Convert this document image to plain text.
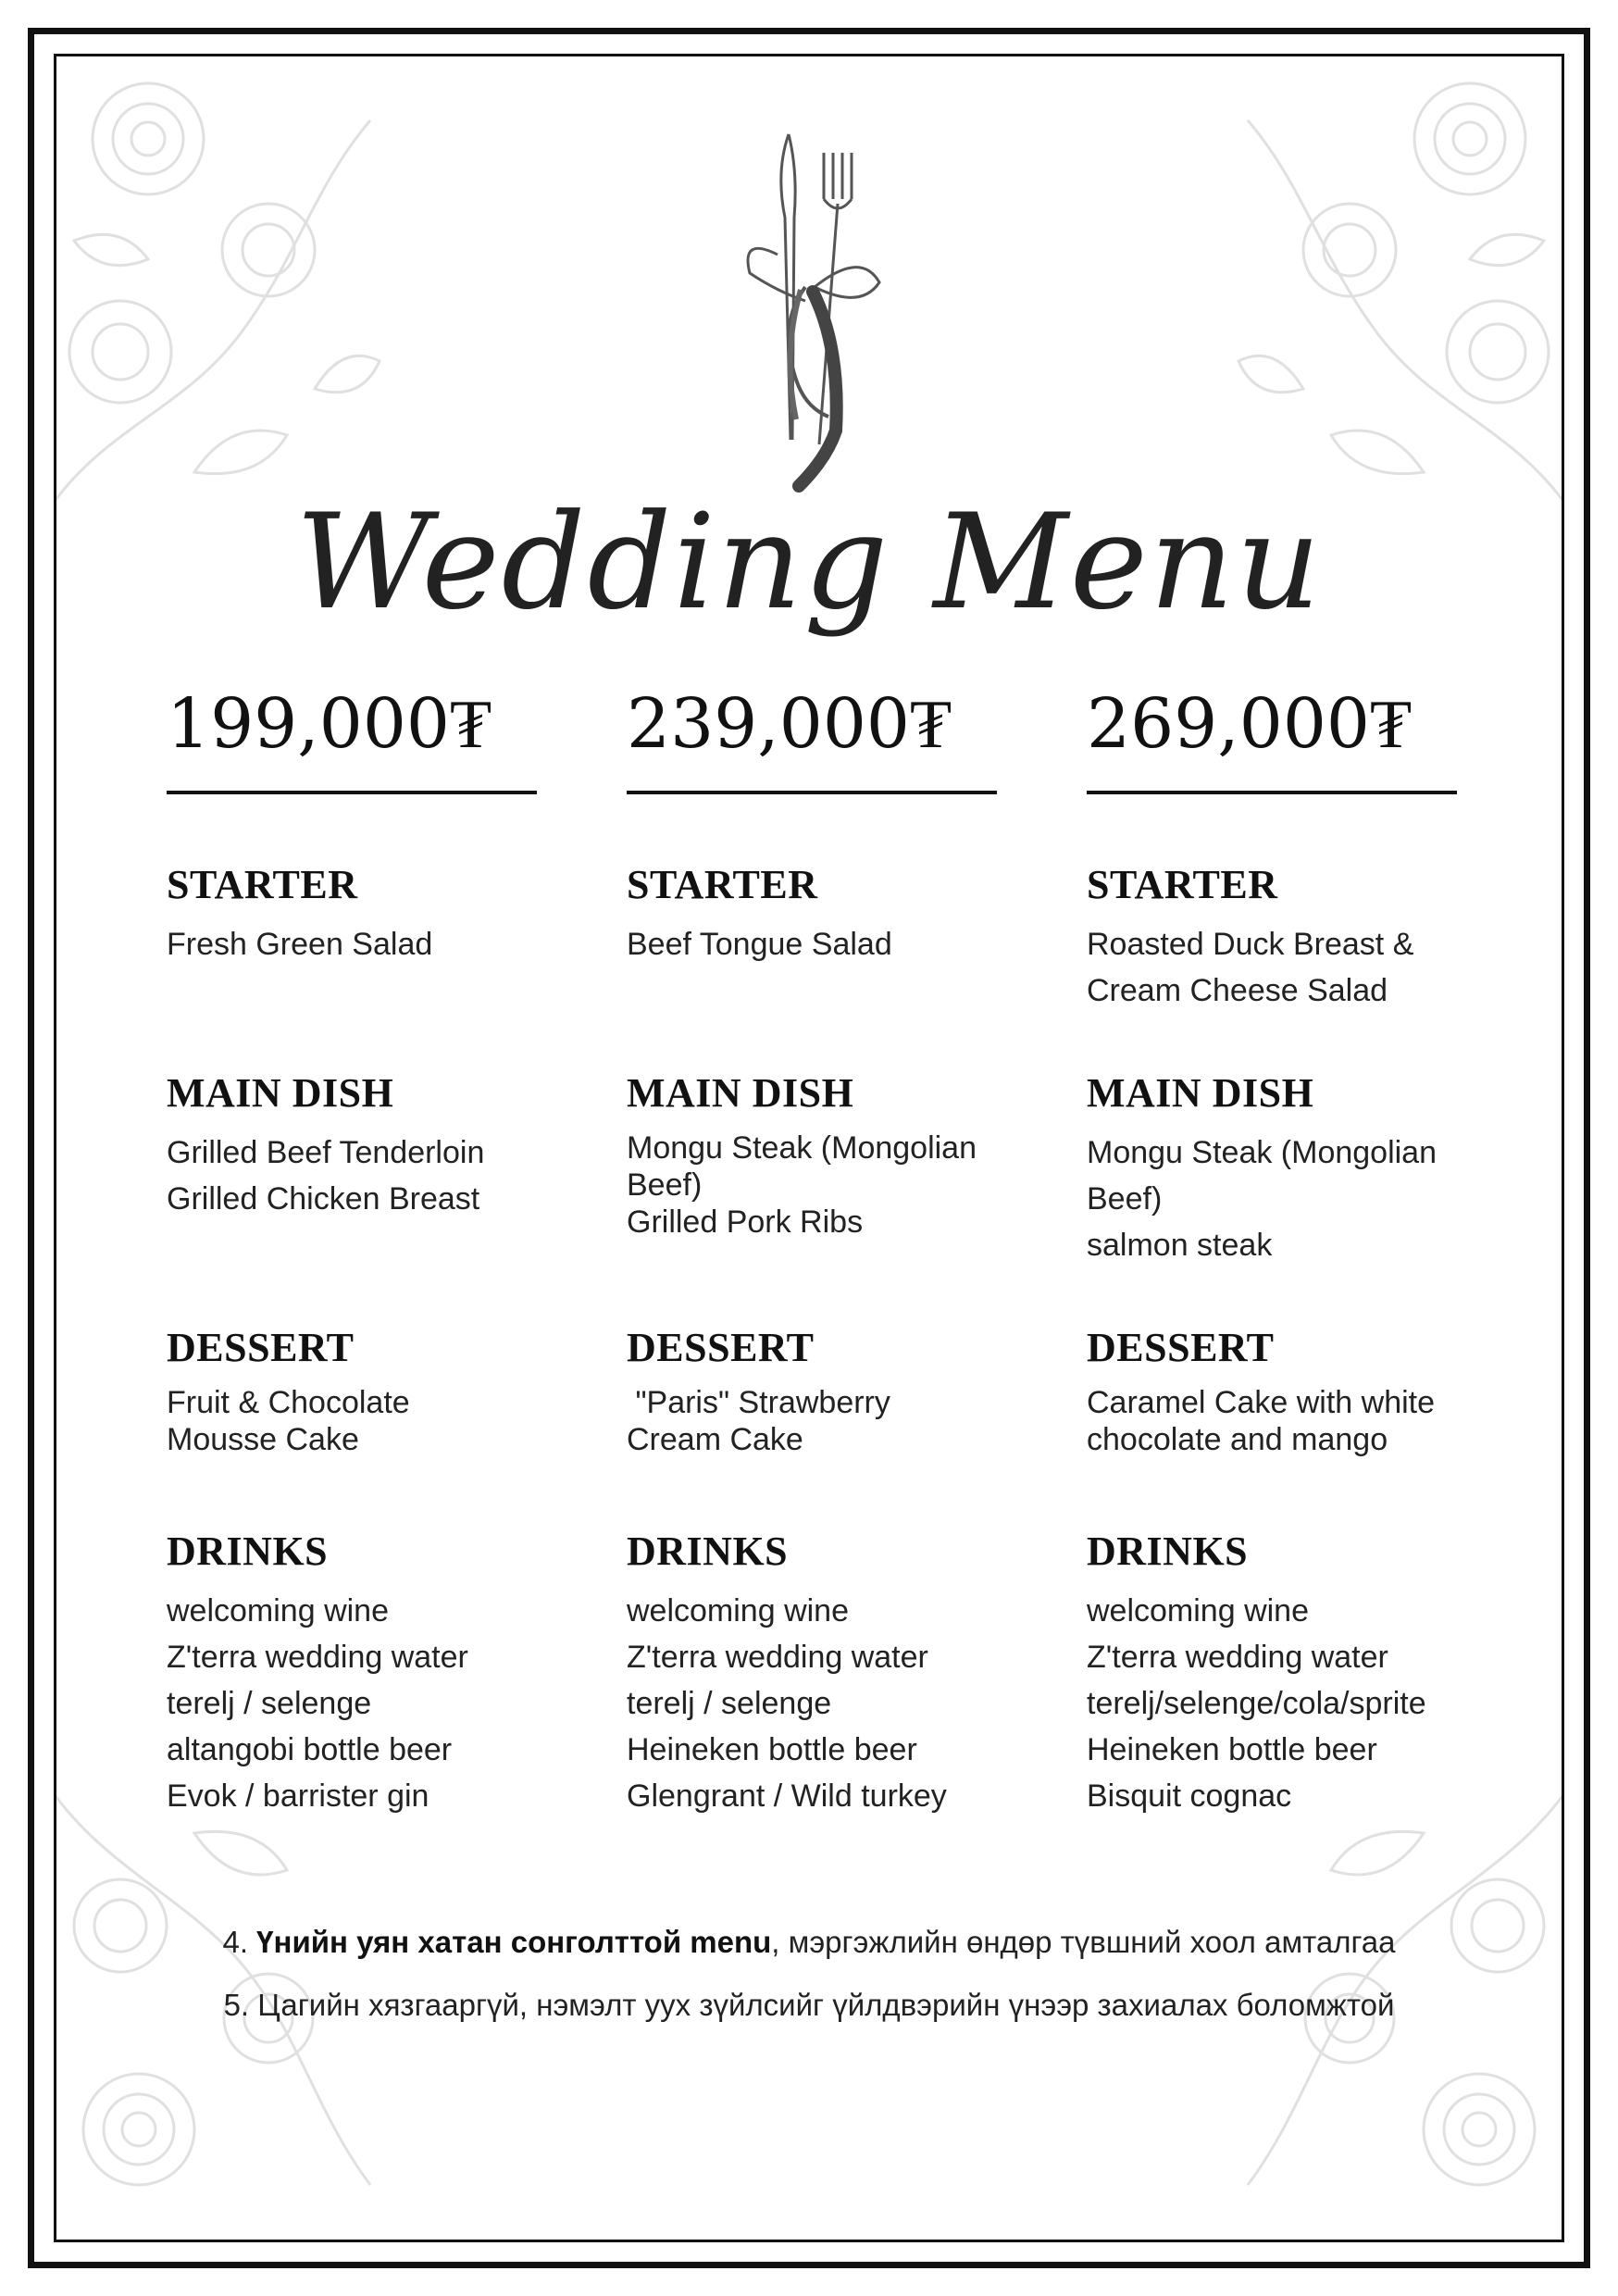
Wedding Menu
199,000₮
STARTER
Fresh Green Salad
MAIN DISH
Grilled Beef Tenderloin
Grilled Chicken Breast
DESSERT
Fruit & Chocolate
Mousse Cake
DRINKS
welcoming wine
Z'terra wedding water
terelj / selenge
altangobi bottle beer
Evok / barrister gin
239,000₮
STARTER
Beef Tongue Salad
MAIN DISH
Mongu Steak (Mongolian
Beef)
Grilled Pork Ribs
DESSERT
"Paris" Strawberry
Cream Cake
DRINKS
welcoming wine
Z'terra wedding water
terelj / selenge
Heineken bottle beer
Glengrant / Wild turkey
269,000₮
STARTER
Roasted Duck Breast &
Cream Cheese Salad
MAIN DISH
Mongu Steak (Mongolian
Beef)
salmon steak
DESSERT
Caramel Cake with white
chocolate and mango
DRINKS
welcoming wine
Z'terra wedding water
terelj/selenge/cola/sprite
Heineken bottle beer
Bisquit cognac
4. Үнийн уян хатан сонголттой menu, мэргэжлийн өндөр түвшний хоол амталгаа
5. Цагийн хязгааргүй, нэмэлт уух зүйлсийг үйлдвэрийн үнээр захиалах боломжтой
